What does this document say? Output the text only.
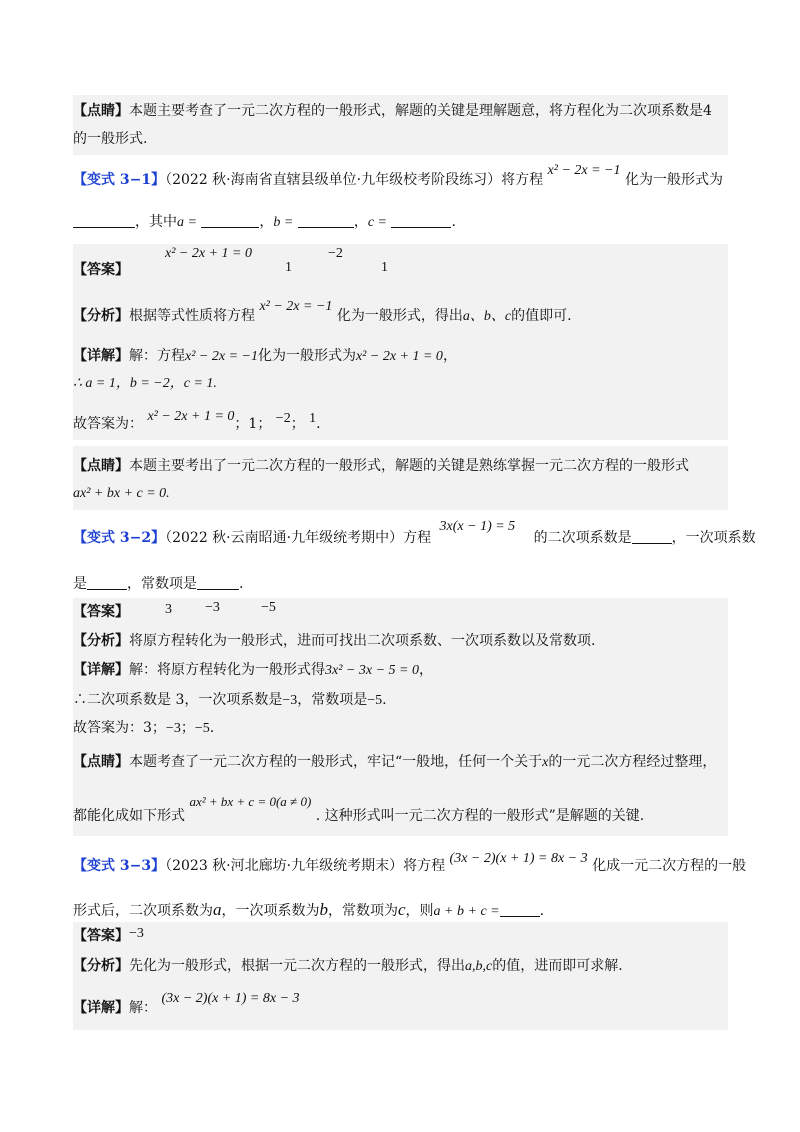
【点睛】本题主要考查了一元二次方程的一般形式，解题的关键是理解题意，将方程化为二次项系数是4
的一般形式.
【变式 3−1】（2022 秋·海南省直辖县级单位·九年级校考阶段练习）将方程 x² − 2x = −1 化为一般形式为
，其中a =	，b =	，c =	.
【答案】
x² − 2x + 1 = 0
1
−2
1
【分析】根据等式性质将方程 x² − 2x = −1 化为一般形式，得出a、b、c的值即可.
【详解】解：方程x² − 2x = −1化为一般形式为x² − 2x + 1 = 0，
∴ a = 1，b = −2，c = 1.
故答案为： x² − 2x + 1 = 0；1； −2； 1.
【点睛】本题主要考出了一元二次方程的一般形式，解题的关键是熟练掌握一元二次方程的一般形式
ax² + bx + c = 0.
【变式 3−2】（2022 秋·云南昭通·九年级统考期中）方程 3x(x − 1) = 5 的二次项系数是	，一次项系数
是	，常数项是	.
【答案】	3 −3	−5
【分析】将原方程转化为一般形式，进而可找出二次项系数、一次项系数以及常数项.
【详解】解：将原方程转化为一般形式得3x² − 3x − 5 = 0，
∴二次项系数是 3，一次项系数是−3，常数项是−5.
故答案为：3；−3；−5.
【点睛】本题考查了一元二次方程的一般形式，牢记“一般地，任何一个关于x的一元二次方程经过整理，
都能化成如下形式 ax² + bx + c = 0(a ≠ 0) . 这种形式叫一元二次方程的一般形式”是解题的关键.
【变式 3−3】（2023 秋·河北廊坊·九年级统考期末）将方程 (3x − 2)(x + 1) = 8x − 3 化成一元二次方程的一般
形式后，二次项系数为a，一次项系数为b，常数项为c，则a + b + c =	.
【答案】−3
【分析】先化为一般形式，根据一元二次方程的一般形式，得出a,b,c的值，进而即可求解.
【详解】解： (3x − 2)(x + 1) = 8x − 3
